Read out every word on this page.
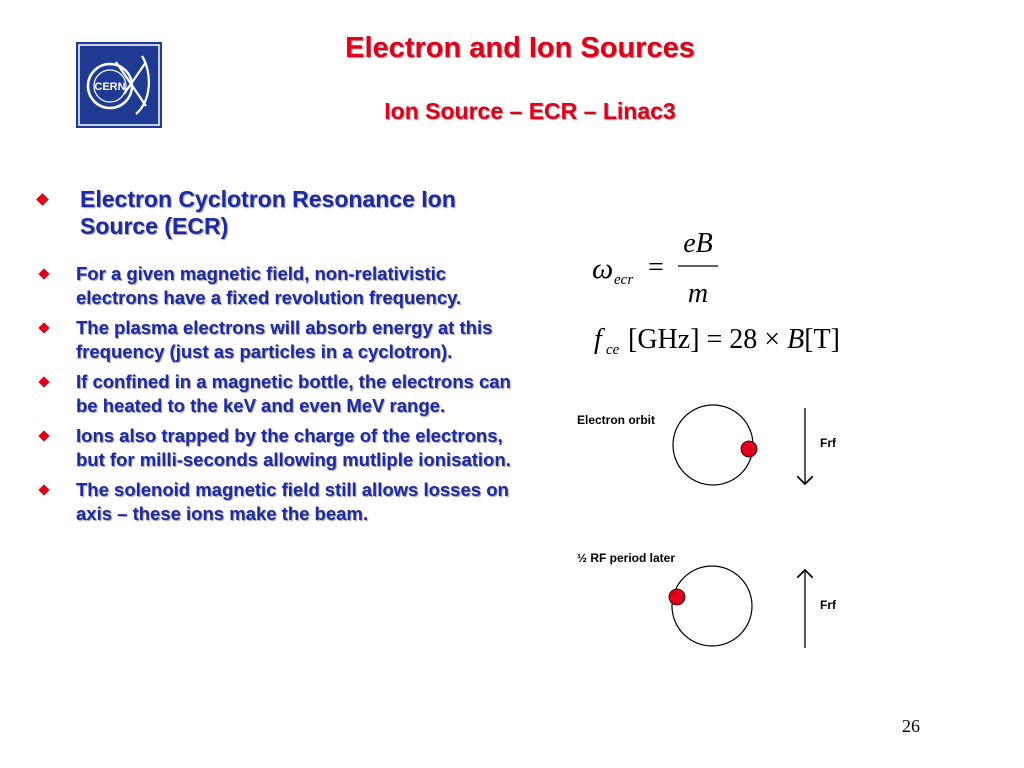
CERN
Electron and Ion Sources
Ion Source – ECR – Linac3
Electron Cyclotron Resonance Ion Source (ECR)
For a given magnetic field, non-relativistic electrons have a fixed revolution frequency.
The plasma electrons will absorb energy at this frequency (just as particles in a cyclotron).
If confined in a magnetic bottle, the electrons can be heated to the keV and even MeV range.
Ions also trapped by the charge of the electrons, but for milli-seconds allowing mutliple ionisation.
The solenoid magnetic field still allows losses on axis – these ions make the beam.
ω ecr =
eB
m
f ce [GHz] = 28 × B[T]
Electron orbit
Frf
½ RF period later
Frf
26
